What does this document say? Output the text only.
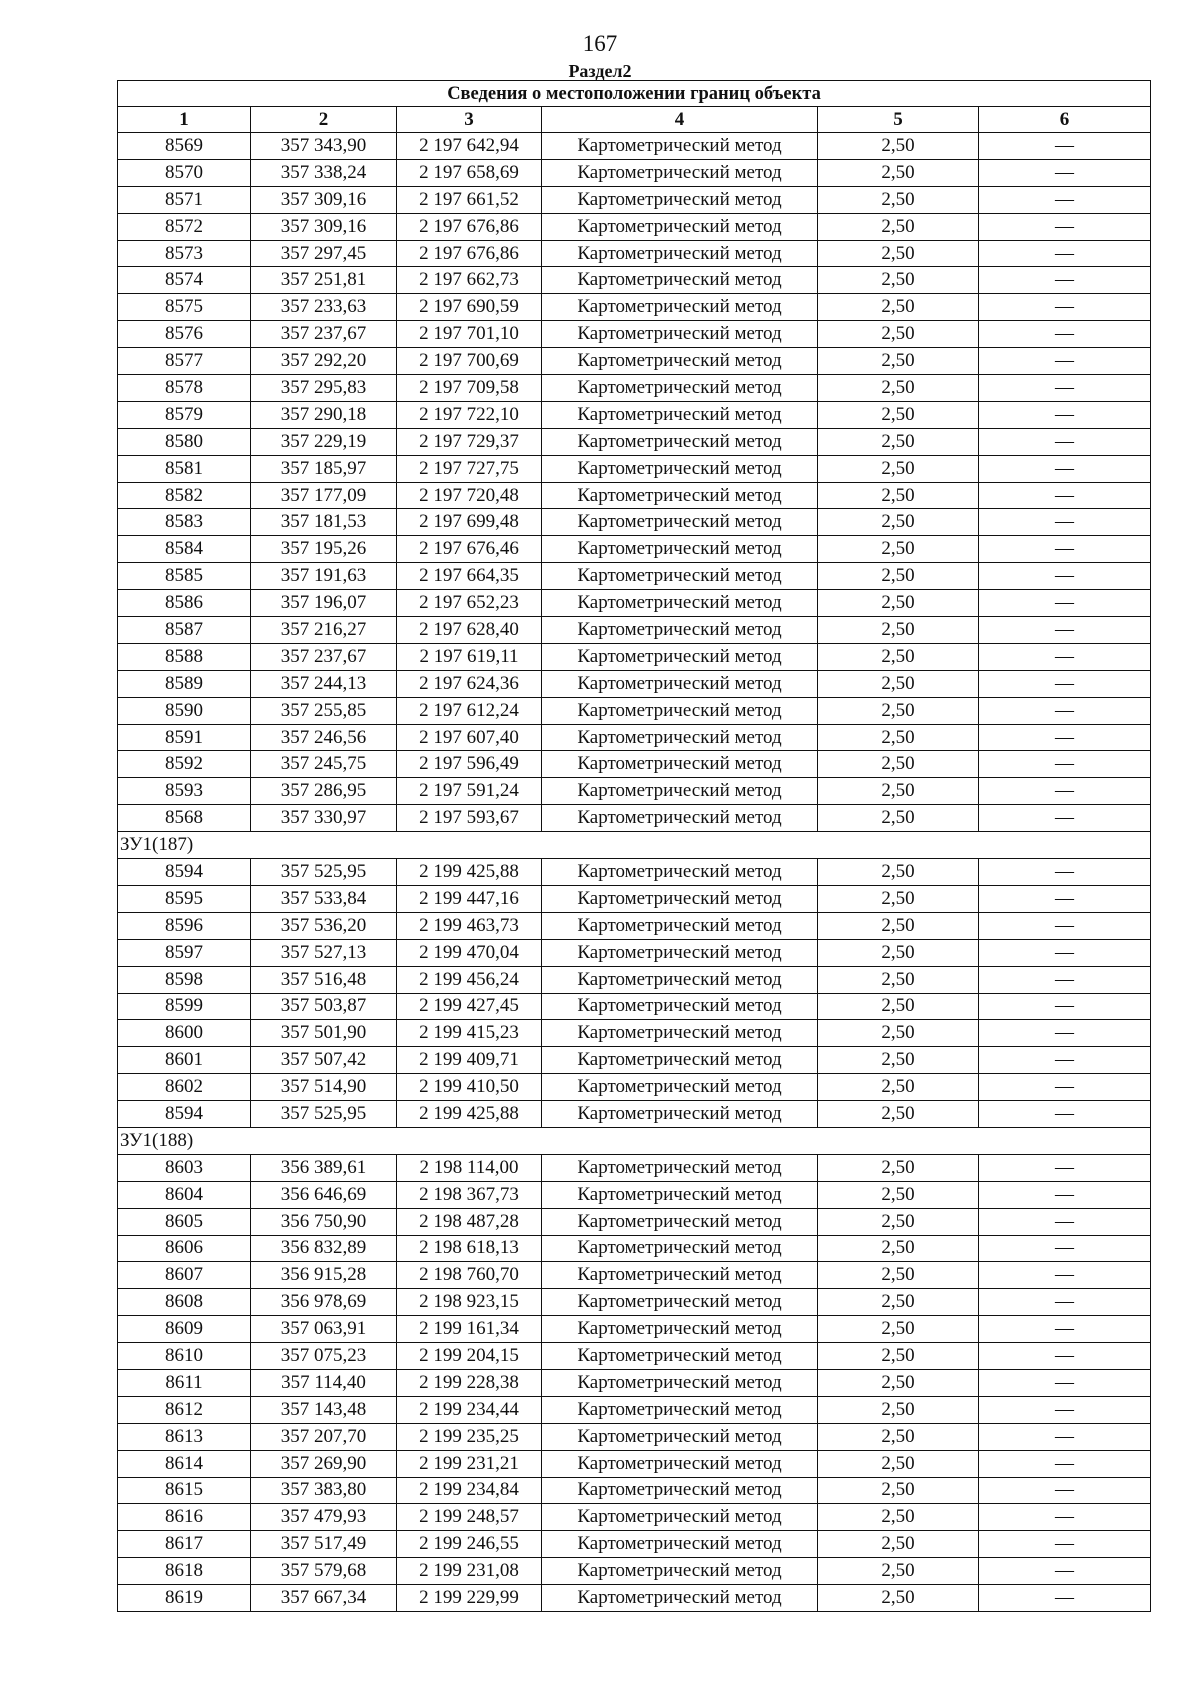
167
Раздел2
Сведения о местоположении границ объекта					
1	2	3	4	5	6
8569	357 343,90	2 197 642,94	Картометрический метод	2,50	—
8570	357 338,24	2 197 658,69	Картометрический метод	2,50	—
8571	357 309,16	2 197 661,52	Картометрический метод	2,50	—
8572	357 309,16	2 197 676,86	Картометрический метод	2,50	—
8573	357 297,45	2 197 676,86	Картометрический метод	2,50	—
8574	357 251,81	2 197 662,73	Картометрический метод	2,50	—
8575	357 233,63	2 197 690,59	Картометрический метод	2,50	—
8576	357 237,67	2 197 701,10	Картометрический метод	2,50	—
8577	357 292,20	2 197 700,69	Картометрический метод	2,50	—
8578	357 295,83	2 197 709,58	Картометрический метод	2,50	—
8579	357 290,18	2 197 722,10	Картометрический метод	2,50	—
8580	357 229,19	2 197 729,37	Картометрический метод	2,50	—
8581	357 185,97	2 197 727,75	Картометрический метод	2,50	—
8582	357 177,09	2 197 720,48	Картометрический метод	2,50	—
8583	357 181,53	2 197 699,48	Картометрический метод	2,50	—
8584	357 195,26	2 197 676,46	Картометрический метод	2,50	—
8585	357 191,63	2 197 664,35	Картометрический метод	2,50	—
8586	357 196,07	2 197 652,23	Картометрический метод	2,50	—
8587	357 216,27	2 197 628,40	Картометрический метод	2,50	—
8588	357 237,67	2 197 619,11	Картометрический метод	2,50	—
8589	357 244,13	2 197 624,36	Картометрический метод	2,50	—
8590	357 255,85	2 197 612,24	Картометрический метод	2,50	—
8591	357 246,56	2 197 607,40	Картометрический метод	2,50	—
8592	357 245,75	2 197 596,49	Картометрический метод	2,50	—
8593	357 286,95	2 197 591,24	Картометрический метод	2,50	—
8568	357 330,97	2 197 593,67	Картометрический метод	2,50	—
ЗУ1(187)					
8594	357 525,95	2 199 425,88	Картометрический метод	2,50	—
8595	357 533,84	2 199 447,16	Картометрический метод	2,50	—
8596	357 536,20	2 199 463,73	Картометрический метод	2,50	—
8597	357 527,13	2 199 470,04	Картометрический метод	2,50	—
8598	357 516,48	2 199 456,24	Картометрический метод	2,50	—
8599	357 503,87	2 199 427,45	Картометрический метод	2,50	—
8600	357 501,90	2 199 415,23	Картометрический метод	2,50	—
8601	357 507,42	2 199 409,71	Картометрический метод	2,50	—
8602	357 514,90	2 199 410,50	Картометрический метод	2,50	—
8594	357 525,95	2 199 425,88	Картометрический метод	2,50	—
ЗУ1(188)					
8603	356 389,61	2 198 114,00	Картометрический метод	2,50	—
8604	356 646,69	2 198 367,73	Картометрический метод	2,50	—
8605	356 750,90	2 198 487,28	Картометрический метод	2,50	—
8606	356 832,89	2 198 618,13	Картометрический метод	2,50	—
8607	356 915,28	2 198 760,70	Картометрический метод	2,50	—
8608	356 978,69	2 198 923,15	Картометрический метод	2,50	—
8609	357 063,91	2 199 161,34	Картометрический метод	2,50	—
8610	357 075,23	2 199 204,15	Картометрический метод	2,50	—
8611	357 114,40	2 199 228,38	Картометрический метод	2,50	—
8612	357 143,48	2 199 234,44	Картометрический метод	2,50	—
8613	357 207,70	2 199 235,25	Картометрический метод	2,50	—
8614	357 269,90	2 199 231,21	Картометрический метод	2,50	—
8615	357 383,80	2 199 234,84	Картометрический метод	2,50	—
8616	357 479,93	2 199 248,57	Картометрический метод	2,50	—
8617	357 517,49	2 199 246,55	Картометрический метод	2,50	—
8618	357 579,68	2 199 231,08	Картометрический метод	2,50	—
8619	357 667,34	2 199 229,99	Картометрический метод	2,50	—
